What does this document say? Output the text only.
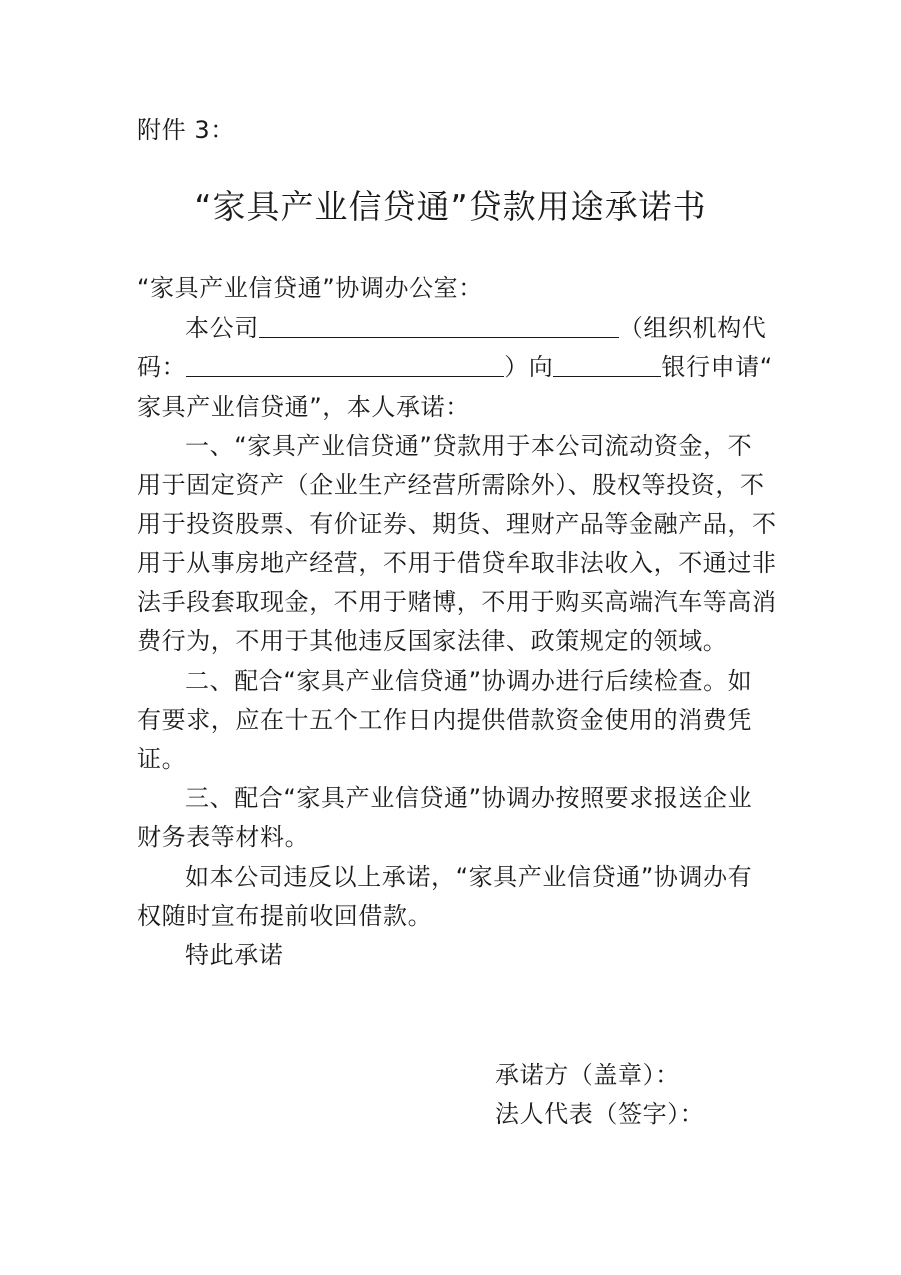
附件 3：
“家具产业信贷通”贷款用途承诺书
“家具产业信贷通”协调办公室：
本公司	（组织机构代
码：	）向	银行申请“
家具产业信贷通”，本人承诺：
一、“家具产业信贷通”贷款用于本公司流动资金，不
用于固定资产（企业生产经营所需除外）、股权等投资，不
用于投资股票、有价证券、期货、理财产品等金融产品，不
用于从事房地产经营，不用于借贷牟取非法收入，不通过非
法手段套取现金，不用于赌博，不用于购买高端汽车等高消
费行为，不用于其他违反国家法律、政策规定的领域。
二、配合“家具产业信贷通”协调办进行后续检查。如
有要求，应在十五个工作日内提供借款资金使用的消费凭
证。
三、配合“家具产业信贷通”协调办按照要求报送企业
财务表等材料。
如本公司违反以上承诺，“家具产业信贷通”协调办有
权随时宣布提前收回借款。
特此承诺
承诺方（盖章）：
法人代表（签字）：
